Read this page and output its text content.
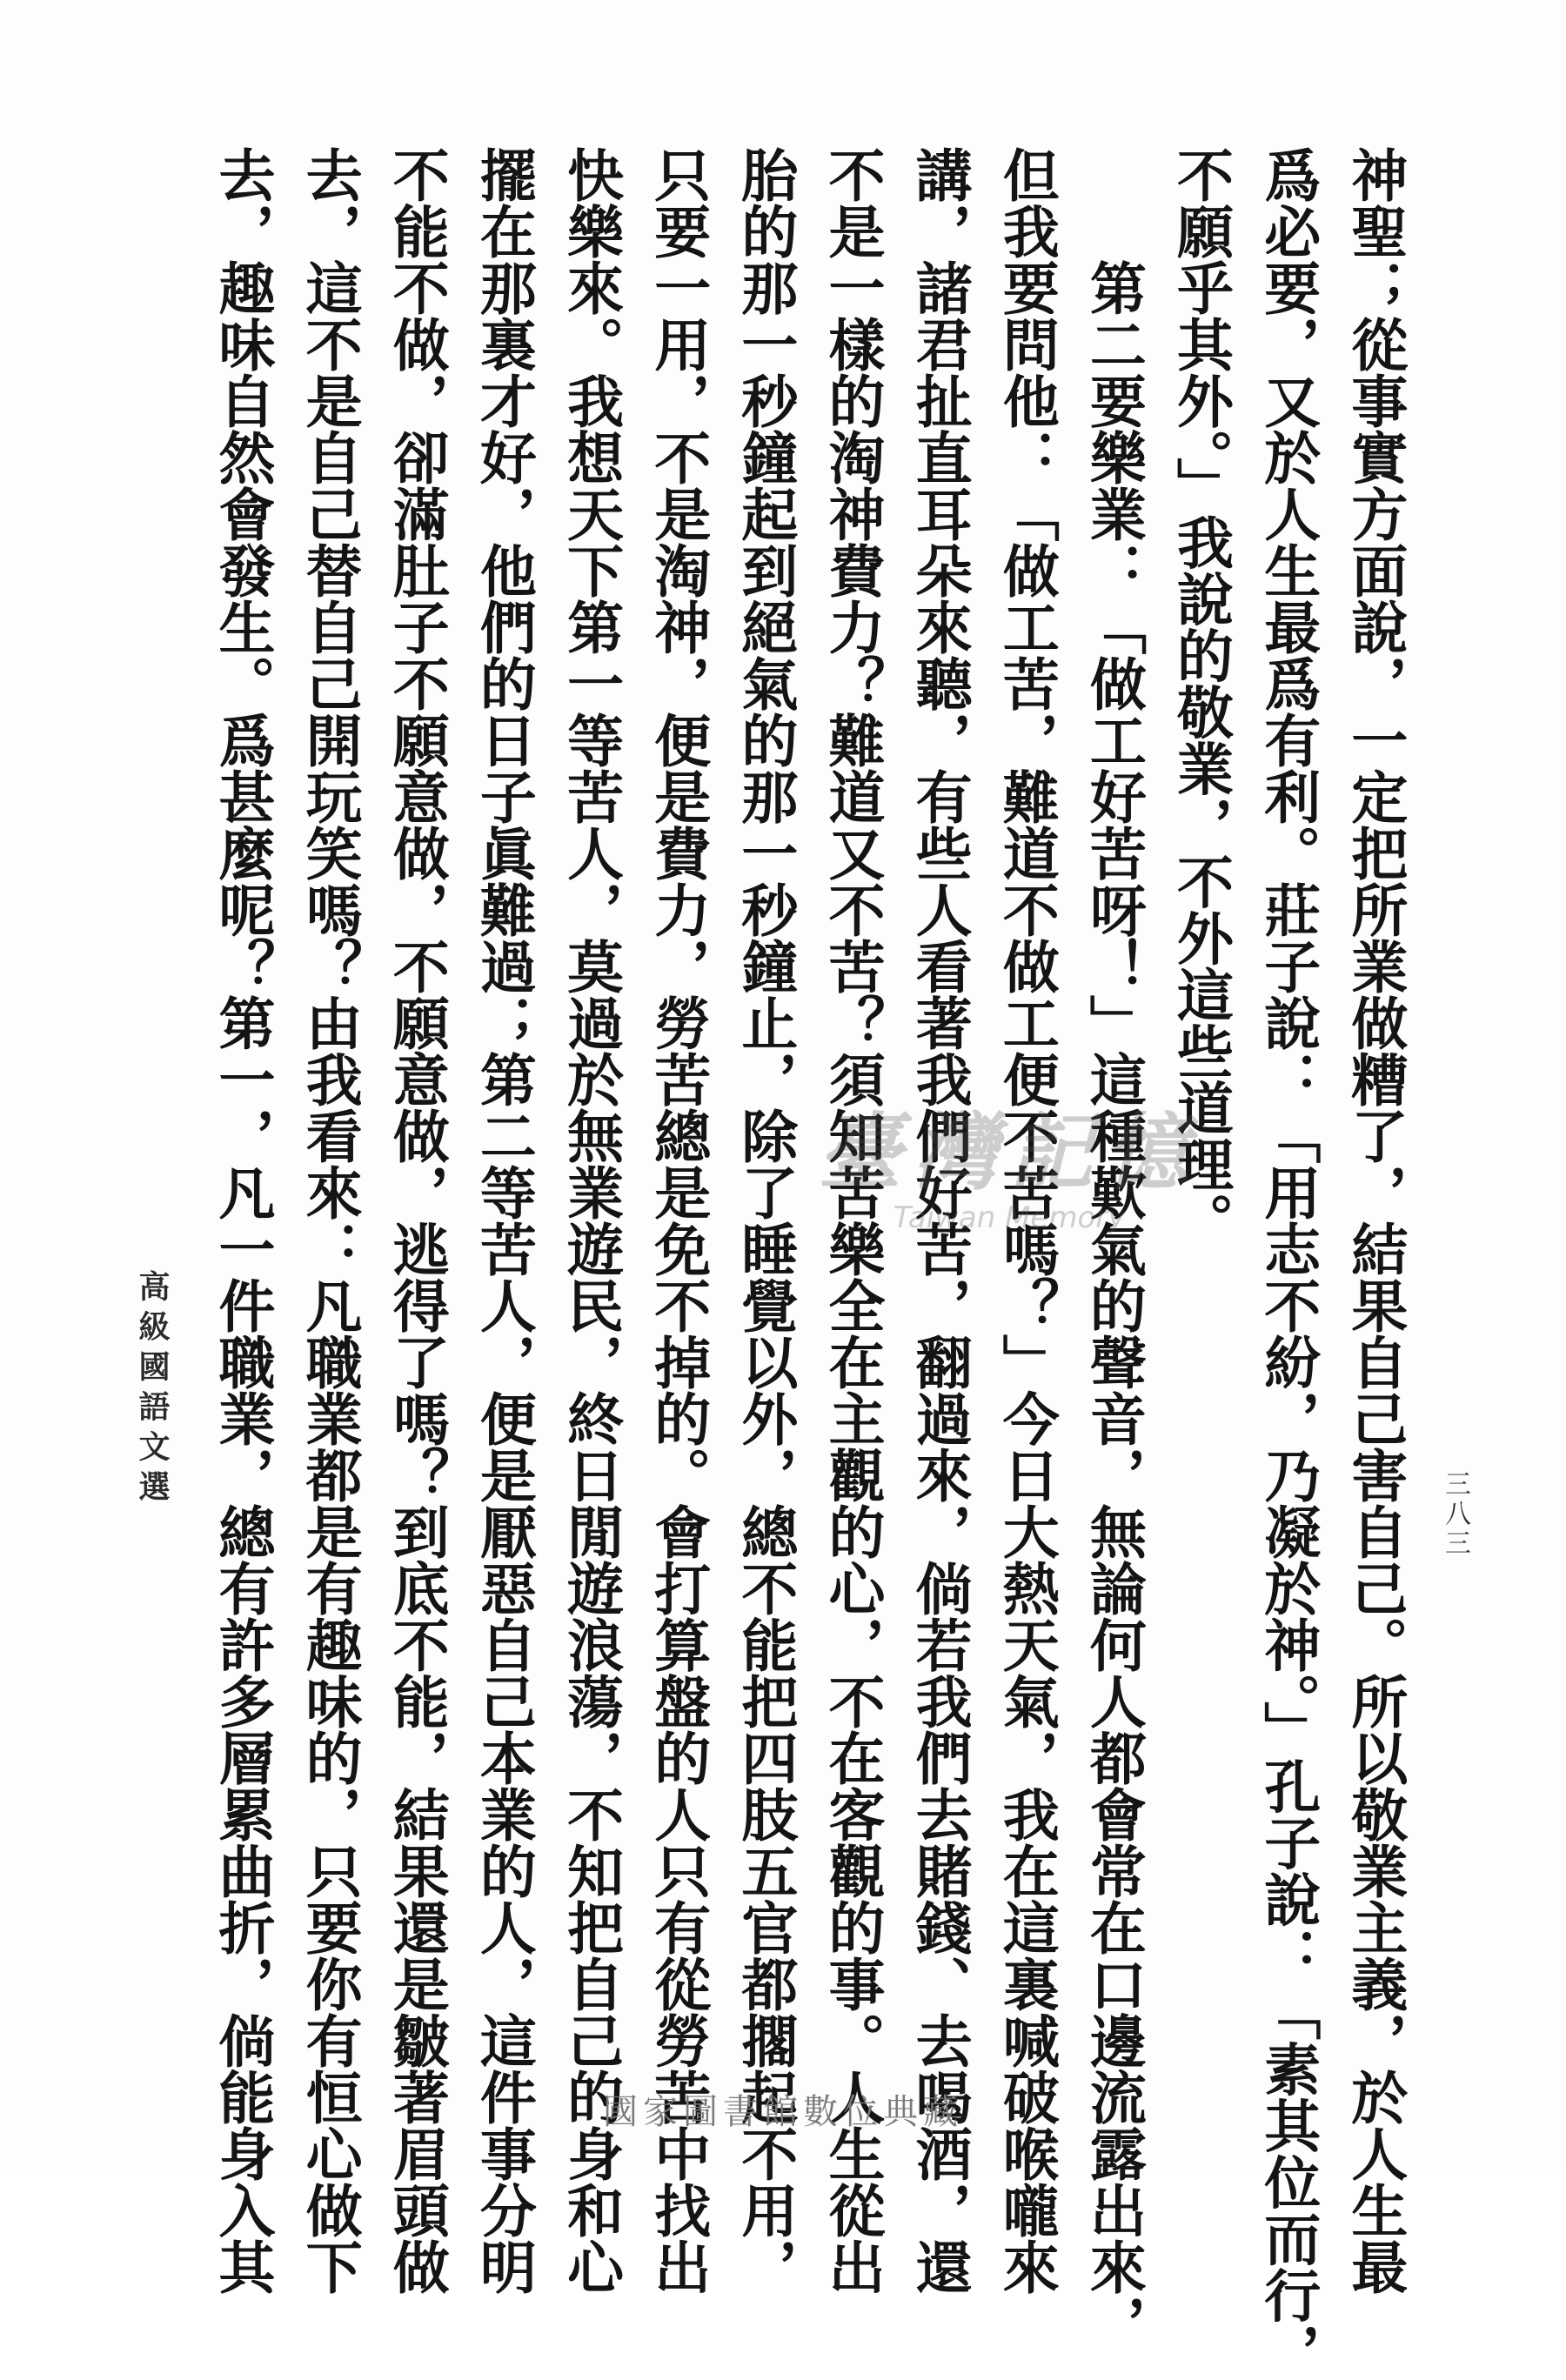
神聖；從事實方面說，一定把所業做糟了，結果自己害自己。所以敬業主義，於人生最
爲必要，又於人生最爲有利。莊子說：「用志不紛，乃凝於神。」孔子說：「素其位而行，
不願乎其外。」我說的敬業，不外這些道理。
第二要樂業：「做工好苦呀！」這種歎氣的聲音，無論何人都會常在口邊流露出來，
但我要問他：「做工苦，難道不做工便不苦嗎？」今日大熱天氣，我在這裏喊破喉嚨來
講，諸君扯直耳朵來聽，有些人看著我們好苦，翻過來，倘若我們去賭錢、去喝酒，還
不是一樣的淘神費力？難道又不苦？須知苦樂全在主觀的心，不在客觀的事。人生從出
胎的那一秒鐘起到絕氣的那一秒鐘止，除了睡覺以外，總不能把四肢五官都擱起不用，
只要一用，不是淘神，便是費力，勞苦總是免不掉的。會打算盤的人只有從勞苦中找出
快樂來。我想天下第一等苦人，莫過於無業遊民，終日閒遊浪蕩，不知把自己的身和心
擺在那裏才好，他們的日子眞難過；第二等苦人，便是厭惡自己本業的人，這件事分明
不能不做，卻滿肚子不願意做，不願意做，逃得了嗎？到底不能，結果還是皺著眉頭做
去，這不是自己替自己開玩笑嗎？由我看來：凡職業都是有趣味的，只要你有恒心做下
去，趣味自然會發生。爲甚麼呢？第一，凡一件職業，總有許多層累曲折，倘能身入其
高級國語文選
三八三
臺灣記憶
Taiwan Memory
國家圖書館數位典藏
